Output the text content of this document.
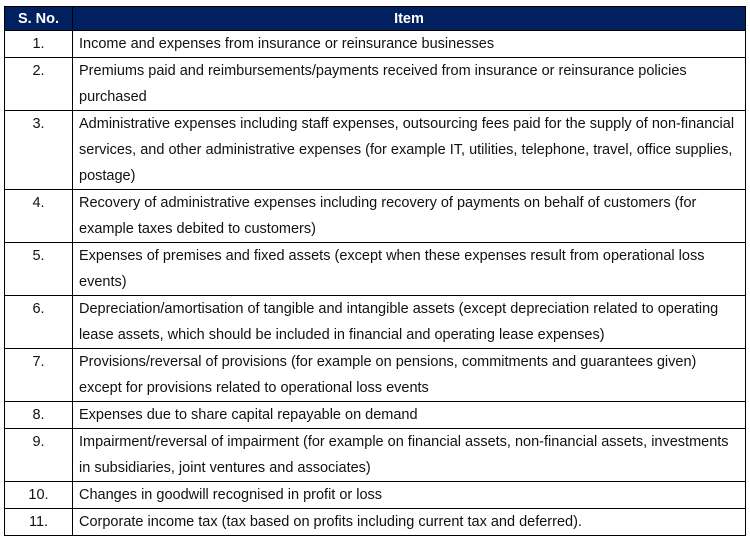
S. No.	Item
1.	Income and expenses from insurance or reinsurance businesses
2.	Premiums paid and reimbursements/payments received from insurance or reinsurance policies purchased
3.	Administrative expenses including staff expenses, outsourcing fees paid for the supply of non-financial services, and other administrative expenses (for example IT, utilities, telephone, travel, office supplies, postage)
4.	Recovery of administrative expenses including recovery of payments on behalf of customers (for example taxes debited to customers)
5.	Expenses of premises and fixed assets (except when these expenses result from operational loss events)
6.	Depreciation/amortisation of tangible and intangible assets (except depreciation related to operating lease assets, which should be included in financial and operating lease expenses)
7.	Provisions/reversal of provisions (for example on pensions, commitments and guarantees given) except for provisions related to operational loss events
8.	Expenses due to share capital repayable on demand
9.	Impairment/reversal of impairment (for example on financial assets, non-financial assets, investments in subsidiaries, joint ventures and associates)
10.	Changes in goodwill recognised in profit or loss
11.	Corporate income tax (tax based on profits including current tax and deferred).
